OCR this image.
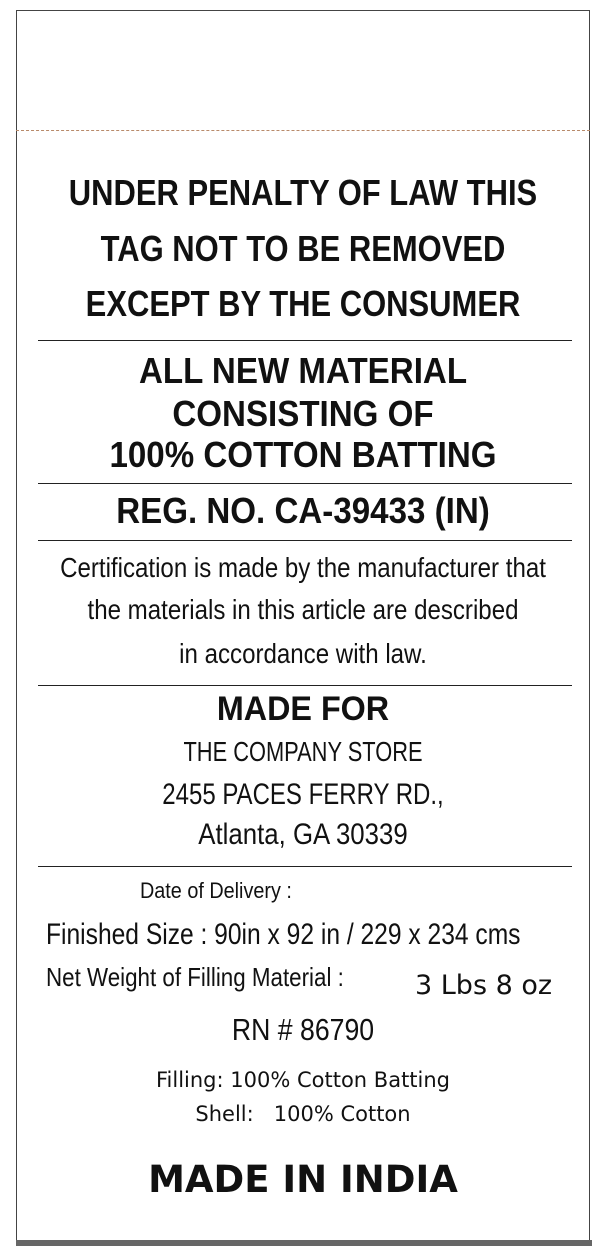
UNDER PENALTY OF LAW THIS
TAG NOT TO BE REMOVED
EXCEPT BY THE CONSUMER
ALL NEW MATERIAL
CONSISTING OF
100% COTTON BATTING
REG. NO. CA-39433 (IN)
Certification is made by the manufacturer that
the materials in this article are described
in accordance with law.
MADE FOR
THE COMPANY STORE
2455 PACES FERRY RD.,
Atlanta, GA 30339
Date of Delivery :
Finished Size : 90in x 92 in / 229 x 234 cms
Net Weight of Filling Material :	3 Lbs 8 oz
RN # 86790
Filling: 100% Cotton Batting
Shell:   100% Cotton
MADE IN INDIA
